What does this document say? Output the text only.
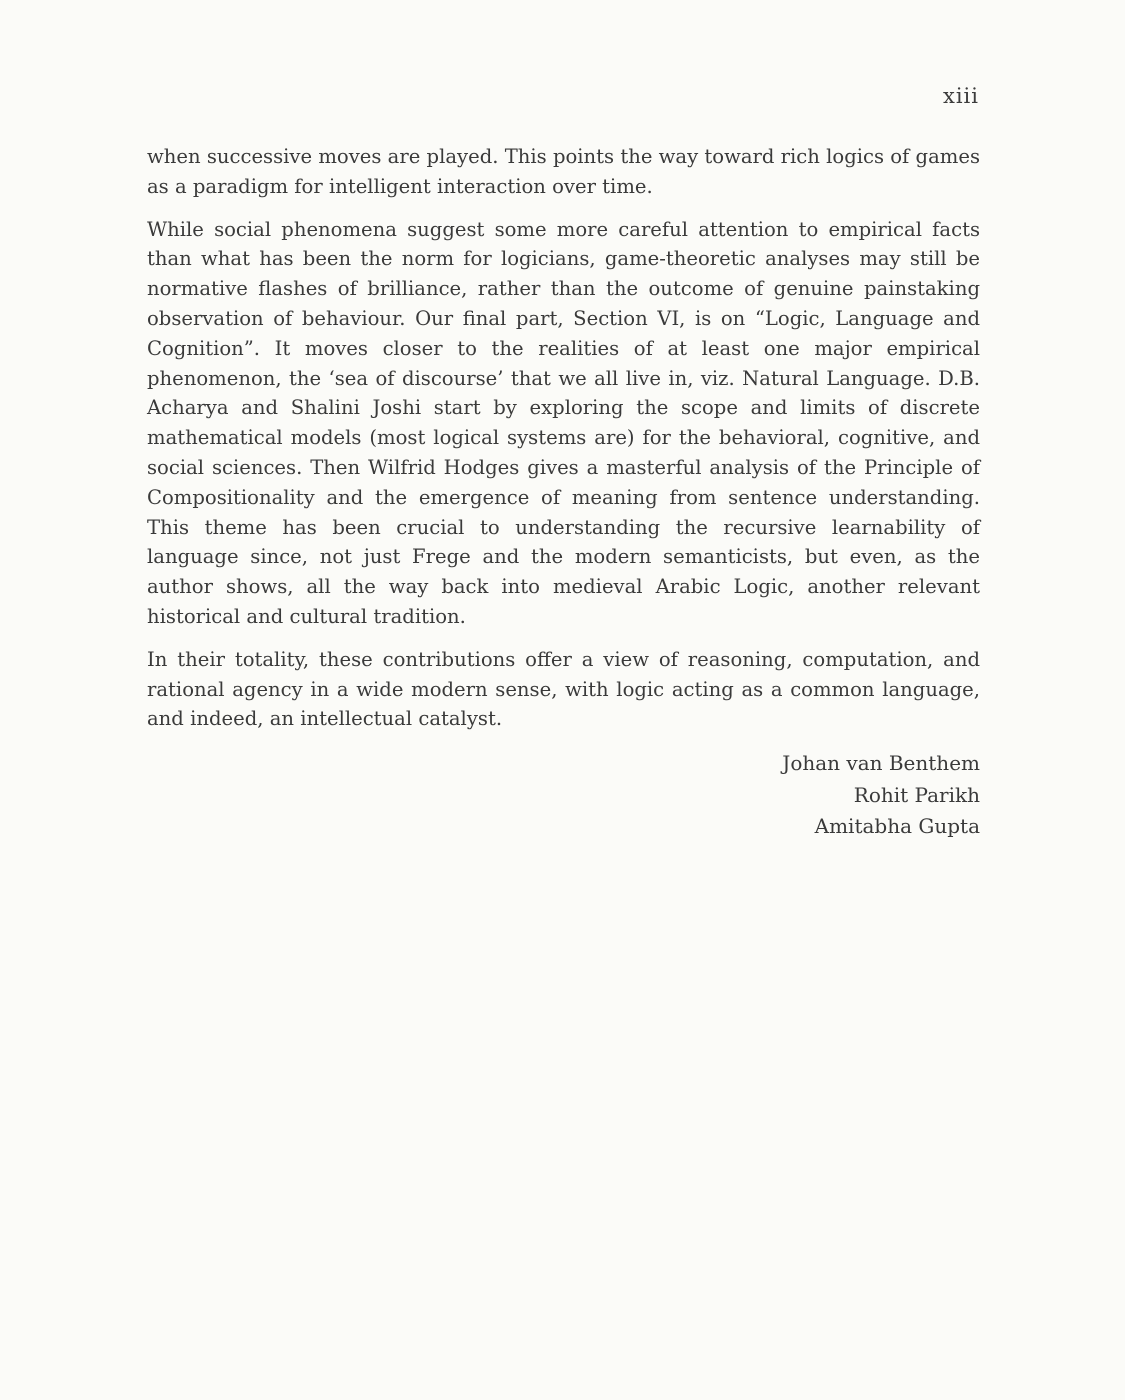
xiii

when successive moves are played. This points the way toward rich logics of games as a paradigm for intelligent interaction over time.

While social phenomena suggest some more careful attention to empirical facts than what has been the norm for logicians, game-theoretic analyses may still be normative flashes of brilliance, rather than the outcome of genuine painstaking observation of behaviour. Our final part, Section VI, is on “Logic, Language and Cognition”. It moves closer to the realities of at least one major empirical phenomenon, the ‘sea of discourse’ that we all live in, viz. Natural Language. D.B. Acharya and Shalini Joshi start by exploring the scope and limits of discrete mathematical models (most logical systems are) for the behavioral, cognitive, and social sciences. Then Wilfrid Hodges gives a masterful analysis of the Principle of Compositionality and the emergence of meaning from sentence understanding. This theme has been crucial to understanding the recursive learnability of language since, not just Frege and the modern semanticists, but even, as the author shows, all the way back into medieval Arabic Logic, another relevant historical and cultural tradition.

In their totality, these contributions offer a view of reasoning, computation, and rational agency in a wide modern sense, with logic acting as a common language, and indeed, an intellectual catalyst.

Johan van Benthem
Rohit Parikh
Amitabha Gupta
